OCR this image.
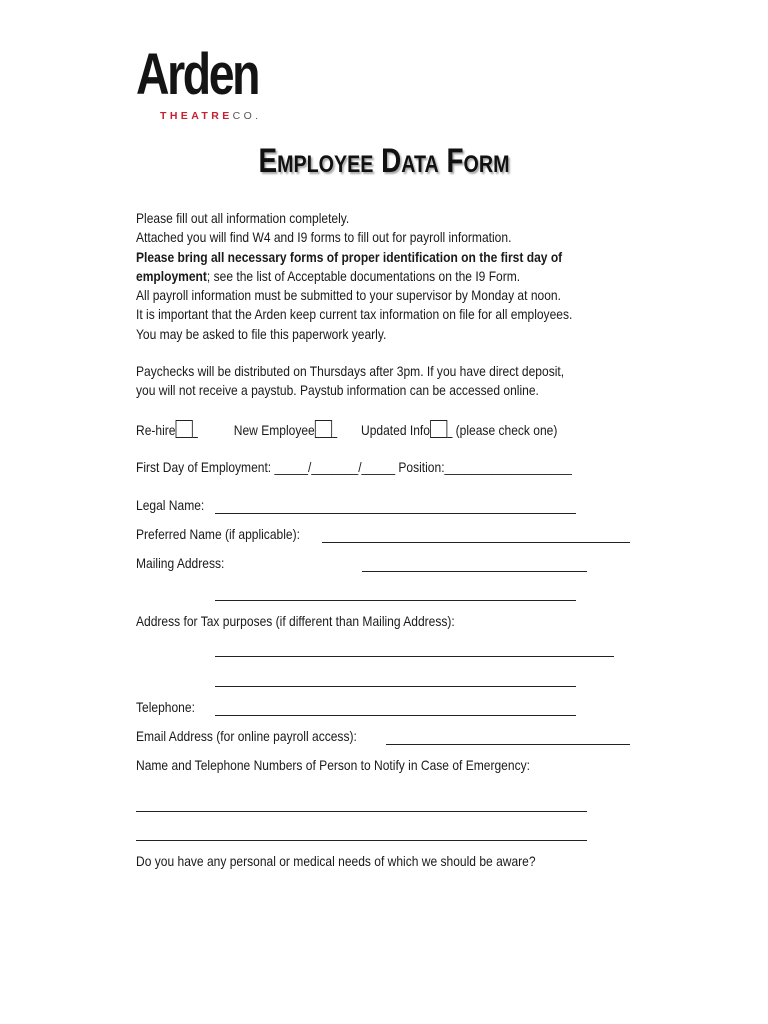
Arden
THEATRECO.
Employee Data Form
Please fill out all information completely.
Attached you will find W4 and I9 forms to fill out for payroll information.
Please bring all necessary forms of proper identification on the first day of
employment; see the list of Acceptable documentations on the I9 Form.
All payroll information must be submitted to your supervisor by Monday at noon.
It is important that the Arden keep current tax information on file for all employees.
You may be asked to file this paperwork yearly.
Paychecks will be distributed on Thursdays after 3pm. If you have direct deposit,
you will not receive a paystub. Paystub information can be accessed online.
Re-hire	New Employee	Updated Info (please check one)
First Day of Employment: _____/_______/_____ Position:___________________
Legal Name:
Preferred Name (if applicable):
Mailing Address:
Address for Tax purposes (if different than Mailing Address):
Telephone:
Email Address (for online payroll access):
Name and Telephone Numbers of Person to Notify in Case of Emergency:
Do you have any personal or medical needs of which we should be aware?
